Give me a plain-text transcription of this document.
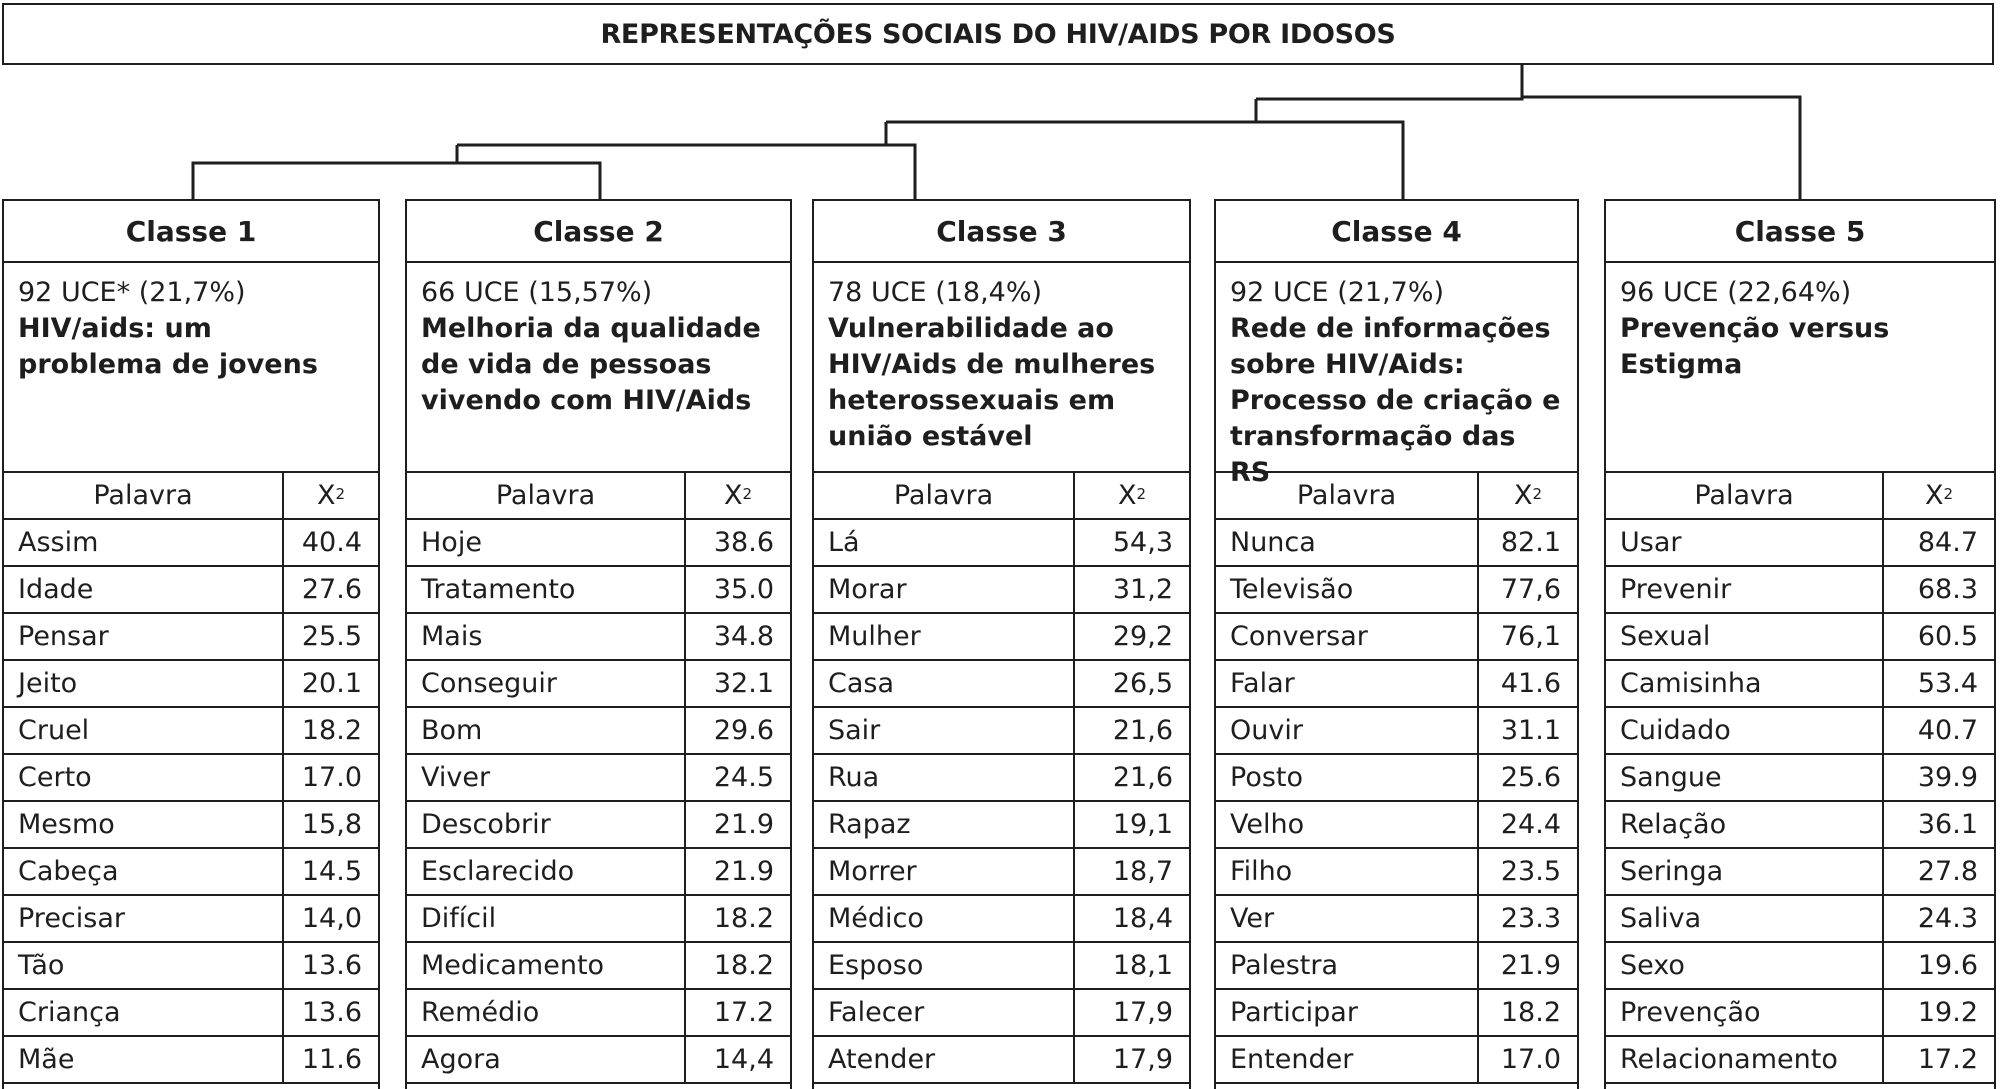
REPRESENTAÇÕES SOCIAIS DO HIV/AIDS POR IDOSOS
Classe 1
92 UCE* (21,7%)
HIV/aids: um problema de jovens
Palavra	$X^2$
Assim	40.4
Idade	27.6
Pensar	25.5
Jeito	20.1
Cruel	18.2
Certo	17.0
Mesmo	15,8
Cabeça	14.5
Precisar	14,0
Tão	13.6
Criança	13.6
Mãe	11.6
Classe 2
66 UCE (15,57%)
Melhoria da qualidade de vida de pessoas vivendo com HIV/Aids
Palavra	$X^2$
Hoje	38.6
Tratamento	35.0
Mais	34.8
Conseguir	32.1
Bom	29.6
Viver	24.5
Descobrir	21.9
Esclarecido	21.9
Difícil	18.2
Medicamento	18.2
Remédio	17.2
Agora	14,4
Classe 3
78 UCE (18,4%)
Vulnerabilidade ao HIV/Aids de mulheres heterossexuais em união estável
Palavra	$X^2$
Lá	54,3
Morar	31,2
Mulher	29,2
Casa	26,5
Sair	21,6
Rua	21,6
Rapaz	19,1
Morrer	18,7
Médico	18,4
Esposo	18,1
Falecer	17,9
Atender	17,9
Classe 4
92 UCE (21,7%)
Rede de informações sobre HIV/Aids: Processo de criação e transformação das RS
Palavra	$X^2$
Nunca	82.1
Televisão	77,6
Conversar	76,1
Falar	41.6
Ouvir	31.1
Posto	25.6
Velho	24.4
Filho	23.5
Ver	23.3
Palestra	21.9
Participar	18.2
Entender	17.0
Classe 5
96 UCE (22,64%)
Prevenção versus Estigma
Palavra	$X^2$
Usar	84.7
Prevenir	68.3
Sexual	60.5
Camisinha	53.4
Cuidado	40.7
Sangue	39.9
Relação	36.1
Seringa	27.8
Saliva	24.3
Sexo	19.6
Prevenção	19.2
Relacionamento	17.2
